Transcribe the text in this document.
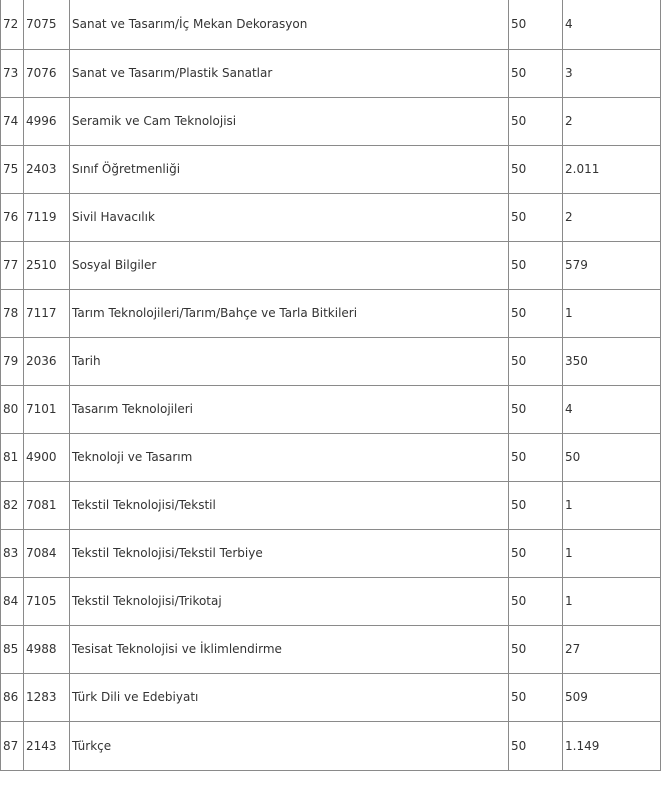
72	7075	Sanat ve Tasarım/İç Mekan Dekorasyon	50	4
73	7076	Sanat ve Tasarım/Plastik Sanatlar	50	3
74	4996	Seramik ve Cam Teknolojisi	50	2
75	2403	Sınıf Öğretmenliği	50	2.011
76	7119	Sivil Havacılık	50	2
77	2510	Sosyal Bilgiler	50	579
78	7117	Tarım Teknolojileri/Tarım/Bahçe ve Tarla Bitkileri	50	1
79	2036	Tarih	50	350
80	7101	Tasarım Teknolojileri	50	4
81	4900	Teknoloji ve Tasarım	50	50
82	7081	Tekstil Teknolojisi/Tekstil	50	1
83	7084	Tekstil Teknolojisi/Tekstil Terbiye	50	1
84	7105	Tekstil Teknolojisi/Trikotaj	50	1
85	4988	Tesisat Teknolojisi ve İklimlendirme	50	27
86	1283	Türk Dili ve Edebiyatı	50	509
87	2143	Türkçe	50	1.149
